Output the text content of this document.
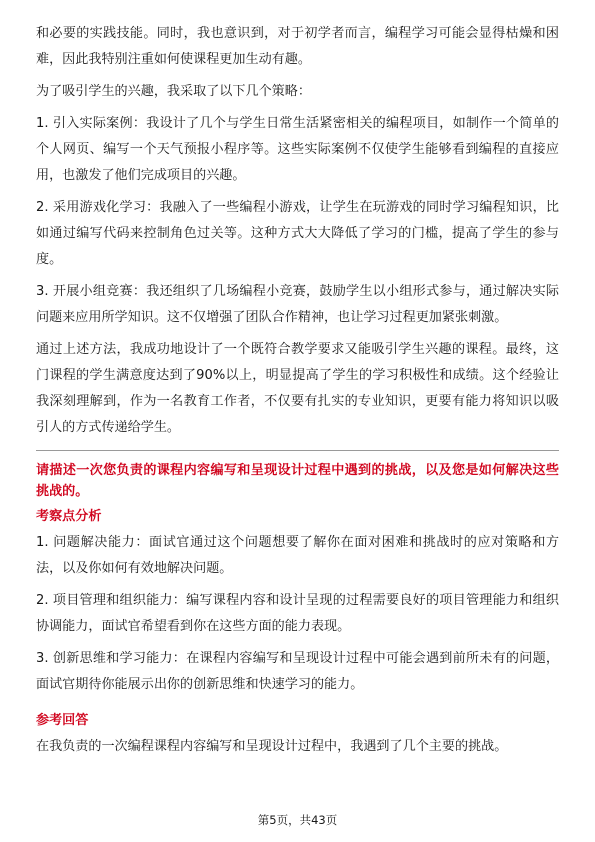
和必要的实践技能。同时，我也意识到，对于初学者而言，编程学习可能会显得枯燥和困难，因此我特别注重如何使课程更加生动有趣。

为了吸引学生的兴趣，我采取了以下几个策略：

1. 引入实际案例：我设计了几个与学生日常生活紧密相关的编程项目，如制作一个简单的个人网页、编写一个天气预报小程序等。这些实际案例不仅使学生能够看到编程的直接应用，也激发了他们完成项目的兴趣。

2. 采用游戏化学习：我融入了一些编程小游戏，让学生在玩游戏的同时学习编程知识，比如通过编写代码来控制角色过关等。这种方式大大降低了学习的门槛，提高了学生的参与度。

3. 开展小组竞赛：我还组织了几场编程小竞赛，鼓励学生以小组形式参与，通过解决实际问题来应用所学知识。这不仅增强了团队合作精神，也让学习过程更加紧张刺激。

通过上述方法，我成功地设计了一个既符合教学要求又能吸引学生兴趣的课程。最终，这门课程的学生满意度达到了90%以上，明显提高了学生的学习积极性和成绩。这个经验让我深刻理解到，作为一名教育工作者，不仅要有扎实的专业知识，更要有能力将知识以吸引人的方式传递给学生。

请描述一次您负责的课程内容编写和呈现设计过程中遇到的挑战，以及您是如何解决这些挑战的。

考察点分析

1. 问题解决能力：面试官通过这个问题想要了解你在面对困难和挑战时的应对策略和方法，以及你如何有效地解决问题。

2. 项目管理和组织能力：编写课程内容和设计呈现的过程需要良好的项目管理能力和组织协调能力，面试官希望看到你在这些方面的能力表现。

3. 创新思维和学习能力：在课程内容编写和呈现设计过程中可能会遇到前所未有的问题，面试官期待你能展示出你的创新思维和快速学习的能力。

参考回答

在我负责的一次编程课程内容编写和呈现设计过程中，我遇到了几个主要的挑战。

第5页，共43页
